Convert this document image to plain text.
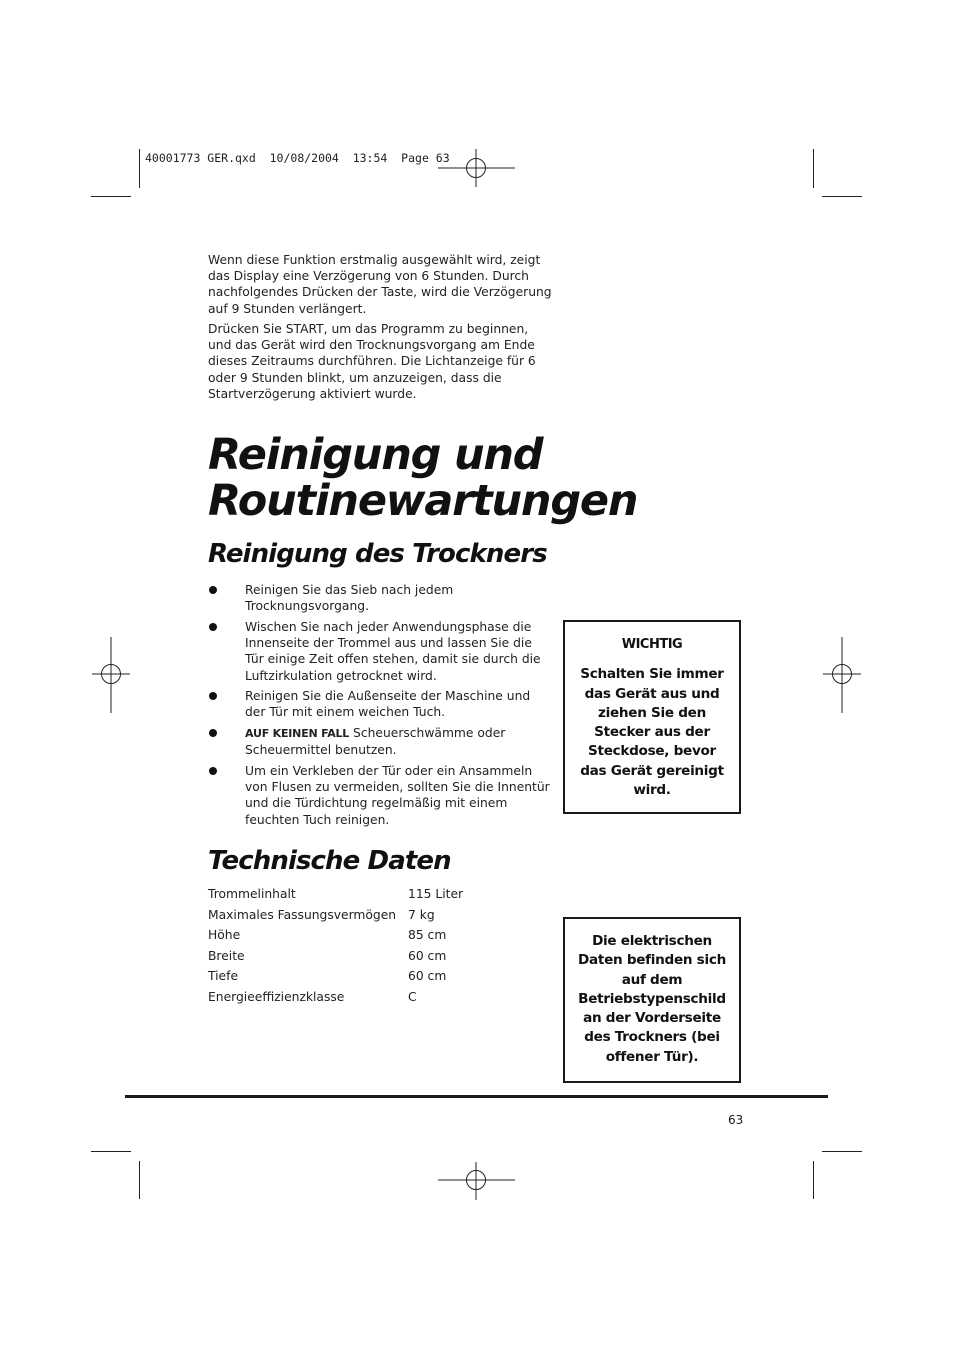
40001773 GER.qxd  10/08/2004  13:54  Page 63
Wenn diese Funktion erstmalig ausgewählt wird, zeigt das Display eine Verzögerung von 6 Stunden. Durch nachfolgendes Drücken der Taste, wird die Verzögerung auf 9 Stunden verlängert.
Drücken Sie START, um das Programm zu beginnen, und das Gerät wird den Trocknungsvorgang am Ende dieses Zeitraums durchführen. Die Lichtanzeige für 6 oder 9 Stunden blinkt, um anzuzeigen, dass die Startverzögerung aktiviert wurde.
Reinigung und
Routinewartungen
Reinigung des Trockners
Reinigen Sie das Sieb nach jedem Trocknungsvorgang.
Wischen Sie nach jeder Anwendungsphase die Innenseite der Trommel aus und lassen Sie die Tür einige Zeit offen stehen, damit sie durch die Luftzirkulation getrocknet wird.
Reinigen Sie die Außenseite der Maschine und der Tür mit einem weichen Tuch.
AUF KEINEN FALL Scheuerschwämme oder Scheuermittel benutzen.
Um ein Verkleben der Tür oder ein Ansammeln von Flusen zu vermeiden, sollten Sie die Innentür und die Türdichtung regelmäßig mit einem feuchten Tuch reinigen.
WICHTIG
Schalten Sie immer das Gerät aus und ziehen Sie den Stecker aus der Steckdose, bevor das Gerät gereinigt wird.
Technische Daten
Trommelinhalt	115 Liter
Maximales Fassungsvermögen	7 kg
Höhe	85 cm
Breite	60 cm
Tiefe	60 cm
Energieeffizienzklasse	C
Die elektrischen Daten befinden sich auf dem Betriebstypenschild an der Vorderseite des Trockners (bei offener Tür).
63
